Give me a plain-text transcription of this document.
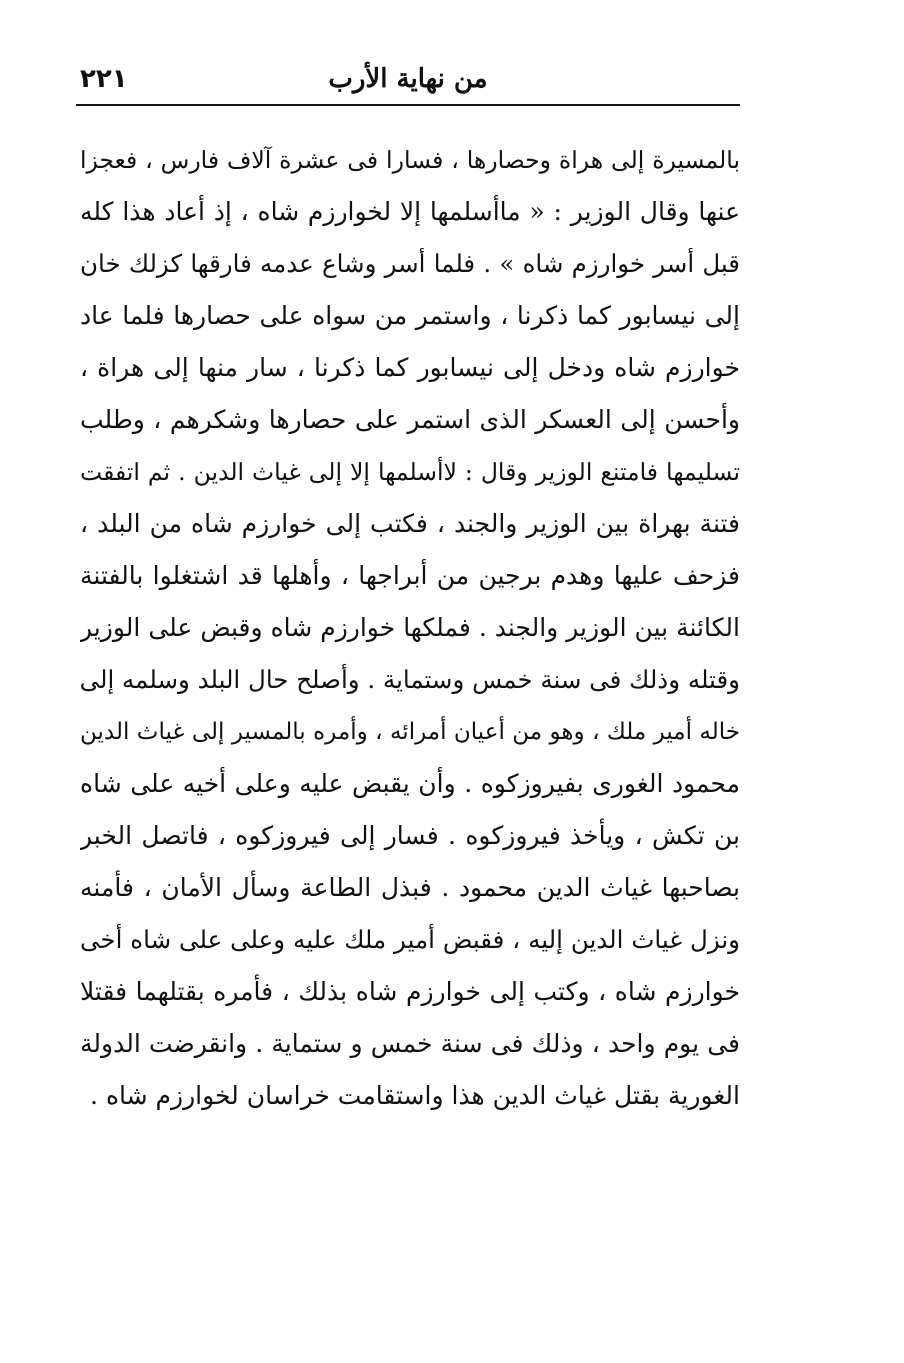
من نهاية الأرب
٢٢١
بالمسيرة إلى هراة وحصارها ، فسارا فى عشرة آلاف فارس ، فعجزا
عنها وقال الوزير : « ماأسلمها إلا لخوارزم شاه ، إذ أعاد هذا كله
قبل أسر خوارزم شاه » . فلما أسر وشاع عدمه فارقها كزلك خان
إلى نيسابور كما ذكرنا ، واستمر من سواه على حصارها فلما عاد
خوارزم شاه ودخل إلى نيسابور كما ذكرنا ، سار منها إلى هراة ،
وأحسن إلى العسكر الذى استمر على حصارها وشكرهم ، وطلب
تسليمها فامتنع الوزير وقال : لاأسلمها إلا إلى غياث الدين . ثم اتفقت
فتنة بهراة بين الوزير والجند ، فكتب إلى خوارزم شاه من البلد ،
فزحف عليها وهدم برجين من أبراجها ، وأهلها قد اشتغلوا بالفتنة
الكائنة بين الوزير والجند . فملكها خوارزم شاه وقبض على الوزير
وقتله وذلك فى سنة خمس وستماية . وأصلح حال البلد وسلمه إلى
خاله أمير ملك ، وهو من أعيان أمرائه ، وأمره بالمسير إلى غياث الدين
محمود الغورى بفيروزكوه . وأن يقبض عليه وعلى أخيه على شاه
بن تكش ، ويأخذ فيروزكوه . فسار إلى فيروزكوه ، فاتصل الخبر
بصاحبها غياث الدين محمود . فبذل الطاعة وسأل الأمان ، فأمنه
ونزل غياث الدين إليه ، فقبض أمير ملك عليه وعلى على شاه أخى
خوارزم شاه ، وكتب إلى خوارزم شاه بذلك ، فأمره بقتلهما فقتلا
فى يوم واحد ، وذلك فى سنة خمس و ستماية . وانقرضت الدولة
الغورية بقتل غياث الدين هذا واستقامت خراسان لخوارزم شاه .
